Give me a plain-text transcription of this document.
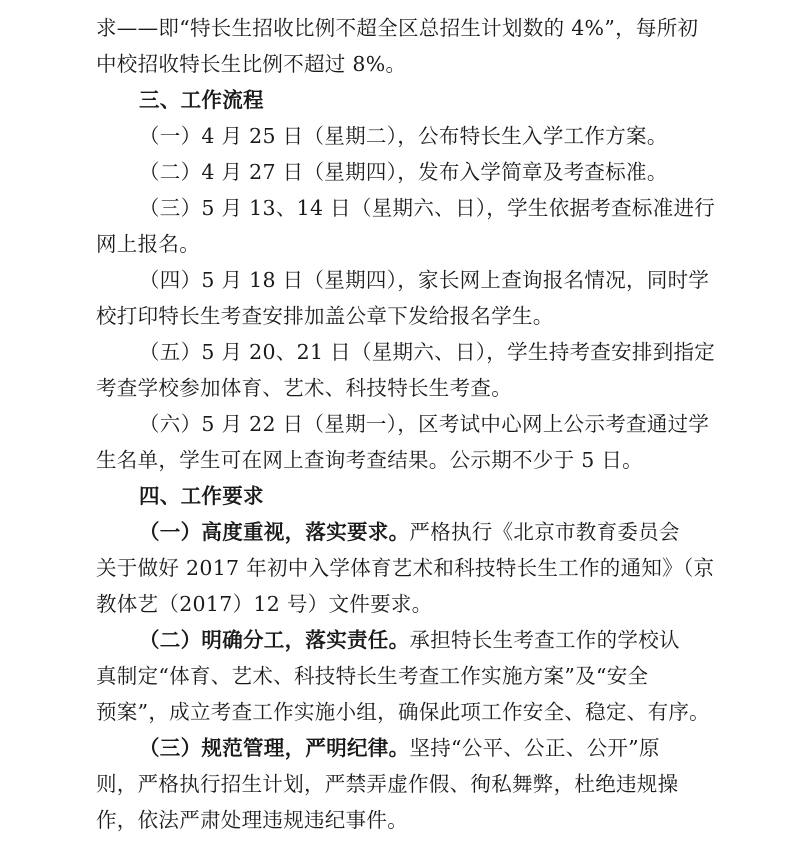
求——即“特长生招收比例不超全区总招生计划数的 4%”，每所初
中校招收特长生比例不超过 8%。
三、工作流程
（一）4 月 25 日（星期二），公布特长生入学工作方案。
（二）4 月 27 日（星期四），发布入学简章及考查标准。
（三）5 月 13、14 日（星期六、日），学生依据考查标准进行
网上报名。
（四）5 月 18 日（星期四），家长网上查询报名情况，同时学
校打印特长生考查安排加盖公章下发给报名学生。
（五）5 月 20、21 日（星期六、日），学生持考查安排到指定
考查学校参加体育、艺术、科技特长生考查。
（六）5 月 22 日（星期一），区考试中心网上公示考查通过学
生名单，学生可在网上查询考查结果。公示期不少于 5 日。
四、工作要求
（一）高度重视，落实要求。严格执行《北京市教育委员会
关于做好 2017 年初中入学体育艺术和科技特长生工作的通知》（京
教体艺（2017）12 号）文件要求。
（二）明确分工，落实责任。承担特长生考查工作的学校认
真制定“体育、艺术、科技特长生考查工作实施方案”及“安全
预案”，成立考查工作实施小组，确保此项工作安全、稳定、有序。
（三）规范管理，严明纪律。坚持“公平、公正、公开”原
则，严格执行招生计划，严禁弄虚作假、徇私舞弊，杜绝违规操
作，依法严肃处理违规违纪事件。
